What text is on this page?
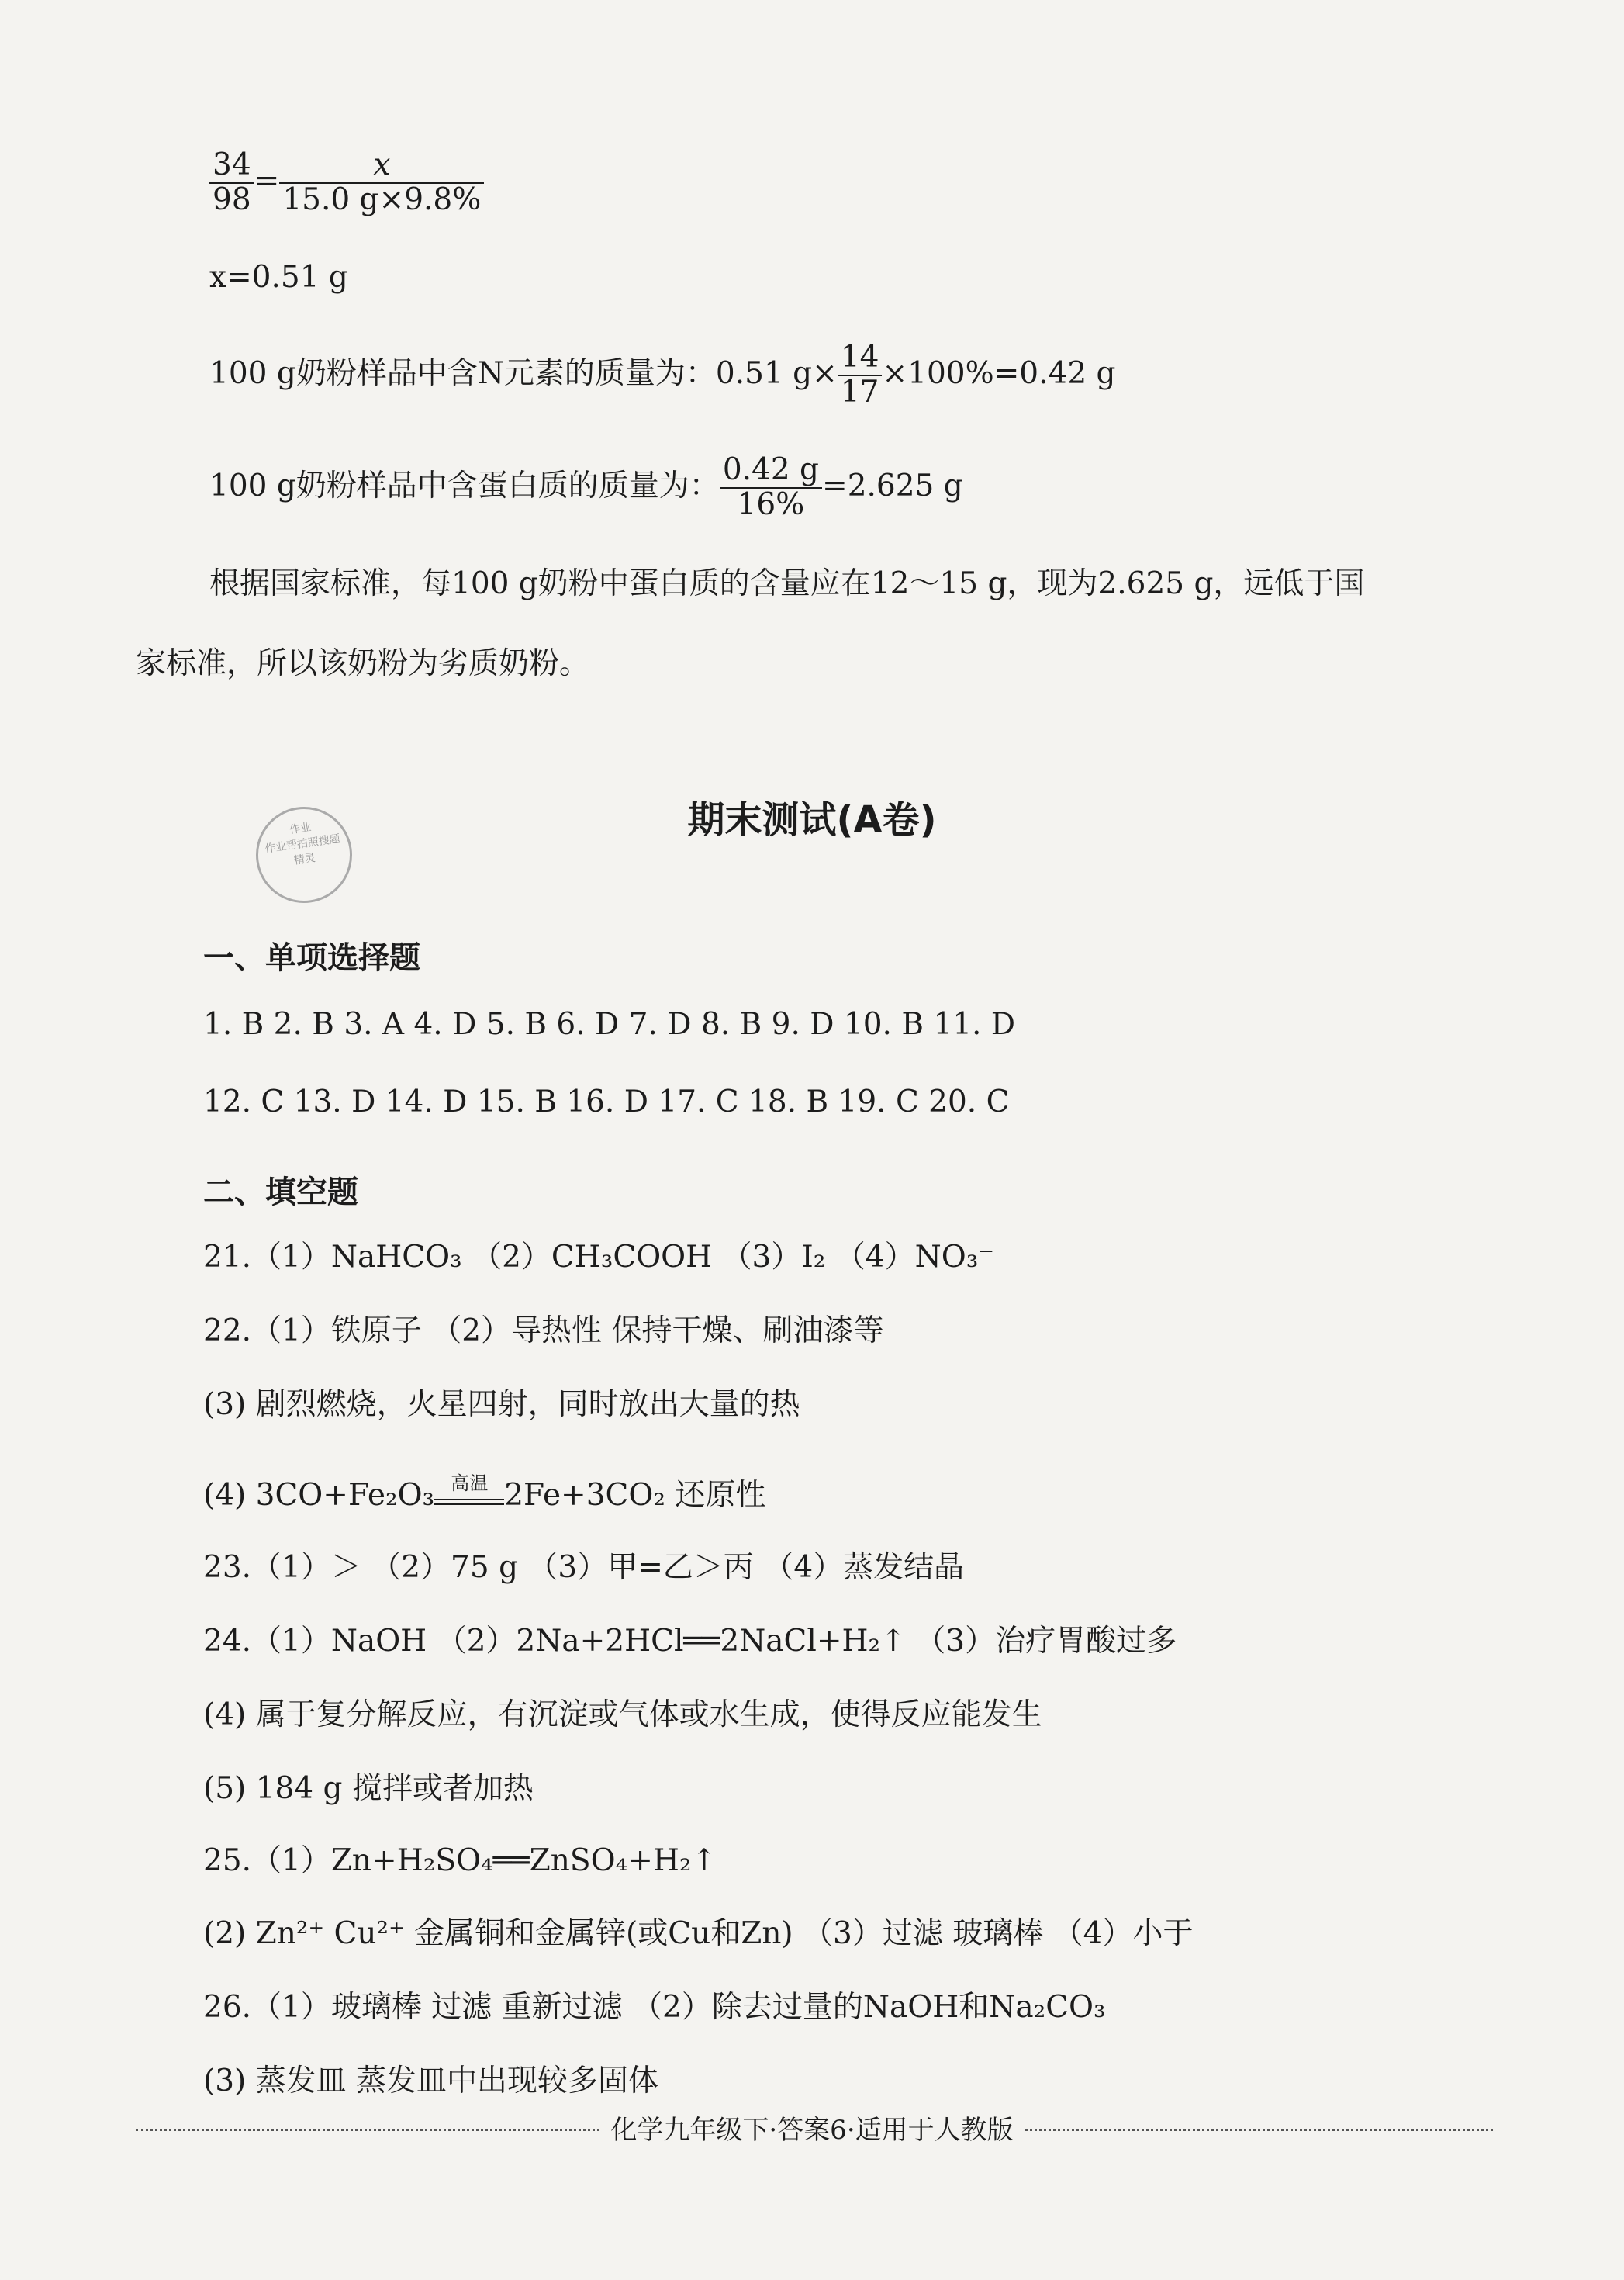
$\frac{34}{98} = \frac{x}{15.0 g\times 9.8\%}$
x=0.51 g
100 g奶粉样品中含N元素的质量为：0.51 $g\times \frac{14}{17} \times 100\%=0.42$ g
100 g奶粉样品中含蛋白质的质量为： $\frac{0.42 g}{16\%} =2.625$ g
根据国家标准，每100 g奶粉中蛋白质的含量应在12～15 g，现为2.625 g，远低于国
家标准，所以该奶粉为劣质奶粉。
作业
作业帮拍照搜题
精灵
期末测试(A卷)
一、单项选择题
1. B 2. B 3. A 4. D 5. B 6. D 7. D 8. B 9. D 10. B 11. D
12. C 13. D 14. D 15. B 16. D 17. C 18. B 19. C 20. C
二、填空题
21.（1）NaHCO₃ （2）CH₃COOH （3）I₂ （4）NO₃⁻
22.（1）铁原子 （2）导热性 保持干燥、刷油漆等
(3) 剧烈燃烧，火星四射，同时放出大量的热
(4) 3CO+Fe₂O₃ 高温 2Fe+3CO₂ 还原性
23.（1）＞ （2）75 g （3）甲=乙＞丙 （4）蒸发结晶
24.（1）NaOH （2）2Na+2HCl══2NaCl+H₂↑ （3）治疗胃酸过多
(4) 属于复分解反应，有沉淀或气体或水生成，使得反应能发生
(5) 184 g 搅拌或者加热
25.（1）Zn+H₂SO₄══ZnSO₄+H₂↑
(2) Zn²⁺ Cu²⁺ 金属铜和金属锌(或Cu和Zn) （3）过滤 玻璃棒 （4）小于
26.（1）玻璃棒 过滤 重新过滤 （2）除去过量的NaOH和Na₂CO₃
(3) 蒸发皿 蒸发皿中出现较多固体
化学九年级下·答案6·适用于人教版
